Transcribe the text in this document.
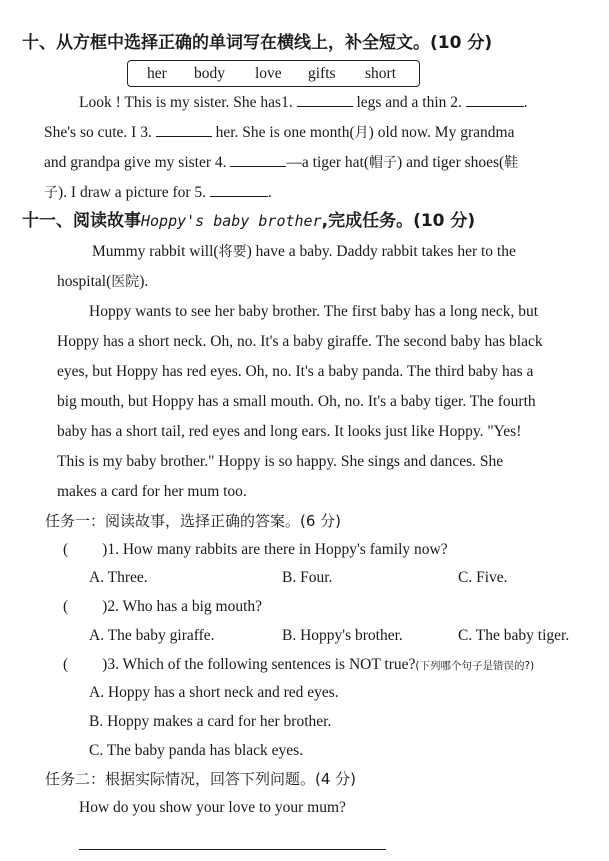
十、从方框中选择正确的单词写在横线上，补全短文。(10 分)
her body love gifts short
Look ! This is my sister. She has1.	legs and a thin 2.	.
She's so cute. I 3.	her. She is one month(月) old now. My grandma
and grandpa give my sister 4.	—a tiger hat(帽子) and tiger shoes(鞋
子). I draw a picture for 5.	.
十一、阅读故事Hoppy's baby brother,完成任务。(10 分)
Mummy rabbit will(将要) have a baby. Daddy rabbit takes her to the
hospital(医院).
Hoppy wants to see her baby brother. The first baby has a long neck, but
Hoppy has a short neck. Oh, no. It's a baby giraffe. The second baby has black
eyes, but Hoppy has red eyes. Oh, no. It's a baby panda. The third baby has a
big mouth, but Hoppy has a small mouth. Oh, no. It's a baby tiger. The fourth
baby has a short tail, red eyes and long ears. It looks just like Hoppy. "Yes!
This is my baby brother." Hoppy is so happy. She sings and dances. She
makes a card for her mum too.
任务一：阅读故事，选择正确的答案。(6 分)
( )1. How many rabbits are there in Hoppy's family now?
A. Three.	B. Four.	C. Five.
( )2. Who has a big mouth?
A. The baby giraffe.	B. Hoppy's brother.	C. The baby tiger.
( )3. Which of the following sentences is NOT true?(下列哪个句子是错误的?)
A. Hoppy has a short neck and red eyes.
B. Hoppy makes a card for her brother.
C. The baby panda has black eyes.
任务二：根据实际情况，回答下列问题。(4 分)
How do you show your love to your mum?
